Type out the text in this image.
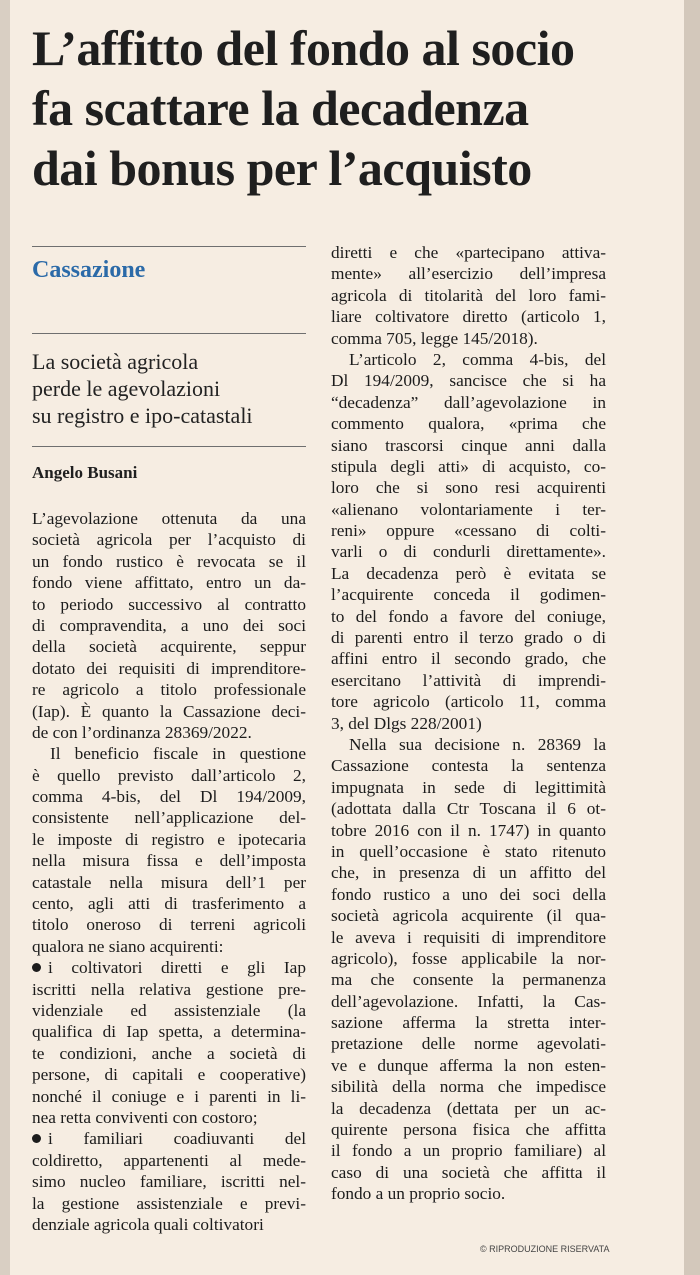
L’affitto del fondo al socio
fa scattare la decadenza
dai bonus per l’acquisto
Cassazione

La società agricola
perde le agevolazioni
su registro e ipo-catastali

Angelo Busani
L’agevolazione ottenuta da una
società agricola per l’acquisto di
un fondo rustico è revocata se il
fondo viene affittato, entro un da-
to periodo successivo al contratto
di compravendita, a uno dei soci
della società acquirente, seppur
dotato dei requisiti di imprenditore-
re agricolo a titolo professionale
(Iap). È quanto la Cassazione deci-
de con l’ordinanza 28369/2022.
Il beneficio fiscale in questione
è quello previsto dall’articolo 2,
comma 4-bis, del Dl 194/2009,
consistente nell’applicazione del-
le imposte di registro e ipotecaria
nella misura fissa e dell’imposta
catastale nella misura dell’1 per
cento, agli atti di trasferimento a
titolo oneroso di terreni agricoli
qualora ne siano acquirenti:
i coltivatori diretti e gli Iap
iscritti nella relativa gestione pre-
videnziale ed assistenziale (la
qualifica di Iap spetta, a determina-
te condizioni, anche a società di
persone, di capitali e cooperative)
nonché il coniuge e i parenti in li-
nea retta conviventi con costoro;
i familiari coadiuvanti del
coldiretto, appartenenti al mede-
simo nucleo familiare, iscritti nel-
la gestione assistenziale e previ-
denziale agricola quali coltivatori
diretti e che «partecipano attiva-
mente» all’esercizio dell’impresa
agricola di titolarità del loro fami-
liare coltivatore diretto (articolo 1,
comma 705, legge 145/2018).
L’articolo 2, comma 4-bis, del
Dl 194/2009, sancisce che si ha
“decadenza” dall’agevolazione in
commento qualora, «prima che
siano trascorsi cinque anni dalla
stipula degli atti» di acquisto, co-
loro che si sono resi acquirenti
«alienano volontariamente i ter-
reni» oppure «cessano di colti-
varli o di condurli direttamente».
La decadenza però è evitata se
l’acquirente conceda il godimen-
to del fondo a favore del coniuge,
di parenti entro il terzo grado o di
affini entro il secondo grado, che
esercitano l’attività di imprendi-
tore agricolo (articolo 11, comma
3, del Dlgs 228/2001)
Nella sua decisione n. 28369 la
Cassazione contesta la sentenza
impugnata in sede di legittimità
(adottata dalla Ctr Toscana il 6 ot-
tobre 2016 con il n. 1747) in quanto
in quell’occasione è stato ritenuto
che, in presenza di un affitto del
fondo rustico a uno dei soci della
società agricola acquirente (il qua-
le aveva i requisiti di imprenditore
agricolo), fosse applicabile la nor-
ma che consente la permanenza
dell’agevolazione. Infatti, la Cas-
sazione afferma la stretta inter-
pretazione delle norme agevolati-
ve e dunque afferma la non esten-
sibilità della norma che impedisce
la decadenza (dettata per un ac-
quirente persona fisica che affitta
il fondo a un proprio familiare) al
caso di una società che affitta il
fondo a un proprio socio.
© RIPRODUZIONE RISERVATA
